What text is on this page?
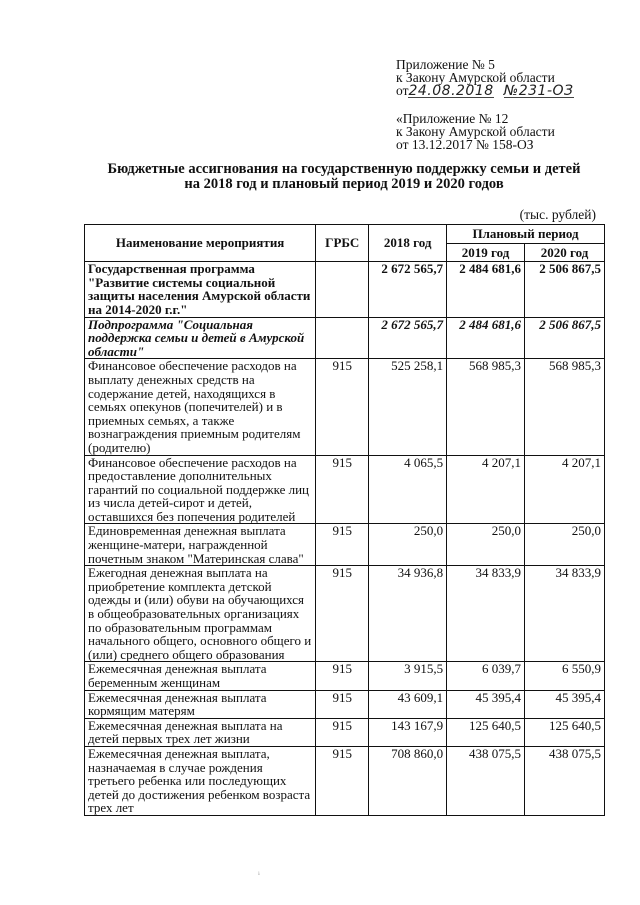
Приложение № 5
к Закону Амурской области
от24.08.2018 №231-ОЗ
«Приложение № 12
к Закону Амурской области
от 13.12.2017 № 158-ОЗ
Бюджетные ассигнования на государственную поддержку семьи и детей
на 2018 год и плановый период 2019 и 2020 годов
(тыс. рублей)
Наименование мероприятия	ГРБС	2018 год	Плановый период	
			2019 год	2020 год
Государственная программа "Развитие системы социальной защиты населения Амурской области на 2014-2020 г.г."		2 672 565,7	2 484 681,6	2 506 867,5
Подпрограмма "Социальная поддержка семьи и детей в Амурской области"		2 672 565,7	2 484 681,6	2 506 867,5
Финансовое обеспечение расходов на выплату денежных средств на содержание детей, находящихся в семьях опекунов (попечителей) и в приемных семьях, а также вознаграждения приемным родителям (родителю)	915	525 258,1	568 985,3	568 985,3
Финансовое обеспечение расходов на предоставление дополнительных гарантий по социальной поддержке лиц из числа детей-сирот и детей, оставшихся без попечения родителей	915	4 065,5	4 207,1	4 207,1
Единовременная денежная выплата женщине-матери, награжденной почетным знаком "Материнская слава"	915	250,0	250,0	250,0
Ежегодная денежная выплата на приобретение комплекта детской одежды и (или) обуви на обучающихся в общеобразовательных организациях по образовательным программам начального общего, основного общего и (или) среднего общего образования	915	34 936,8	34 833,9	34 833,9
Ежемесячная денежная выплата беременным женщинам	915	3 915,5	6 039,7	6 550,9
Ежемесячная денежная выплата кормящим матерям	915	43 609,1	45 395,4	45 395,4
Ежемесячная денежная выплата на детей первых трех лет жизни	915	143 167,9	125 640,5	125 640,5
Ежемесячная денежная выплата, назначаемая в случае рождения третьего ребенка или последующих детей до достижения ребенком возраста трех лет	915	708 860,0	438 075,5	438 075,5
ⁱ
